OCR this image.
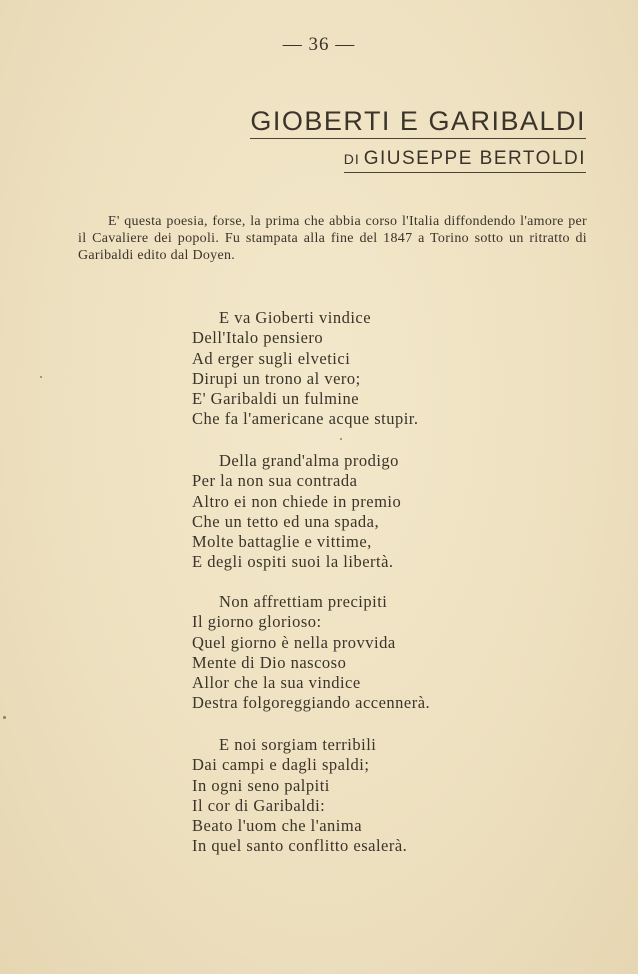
— 36 —
GIOBERTI E GARIBALDI
DI GIUSEPPE BERTOLDI

E' questa poesia, forse, la prima che abbia corso l'Italia diffondendo l'amore per il Cavaliere dei popoli. Fu stampata alla fine del 1847 a Torino sotto un ritratto di Garibaldi edito dal Doyen.

E va Gioberti vindice
Dell'Italo pensiero
Ad erger sugli elvetici
Dirupi un trono al vero;
E' Garibaldi un fulmine
Che fa l'americane acque stupir.
Della grand'alma prodigo
Per la non sua contrada
Altro ei non chiede in premio
Che un tetto ed una spada,
Molte battaglie e vittime,
E degli ospiti suoi la libertà.
Non affrettiam precipiti
Il giorno glorioso:
Quel giorno è nella provvida
Mente di Dio nascoso
Allor che la sua vindice
Destra folgoreggiando accennerà.
E noi sorgiam terribili
Dai campi e dagli spaldi;
In ogni seno palpiti
Il cor di Garibaldi:
Beato l'uom che l'anima
In quel santo conflitto esalerà.
